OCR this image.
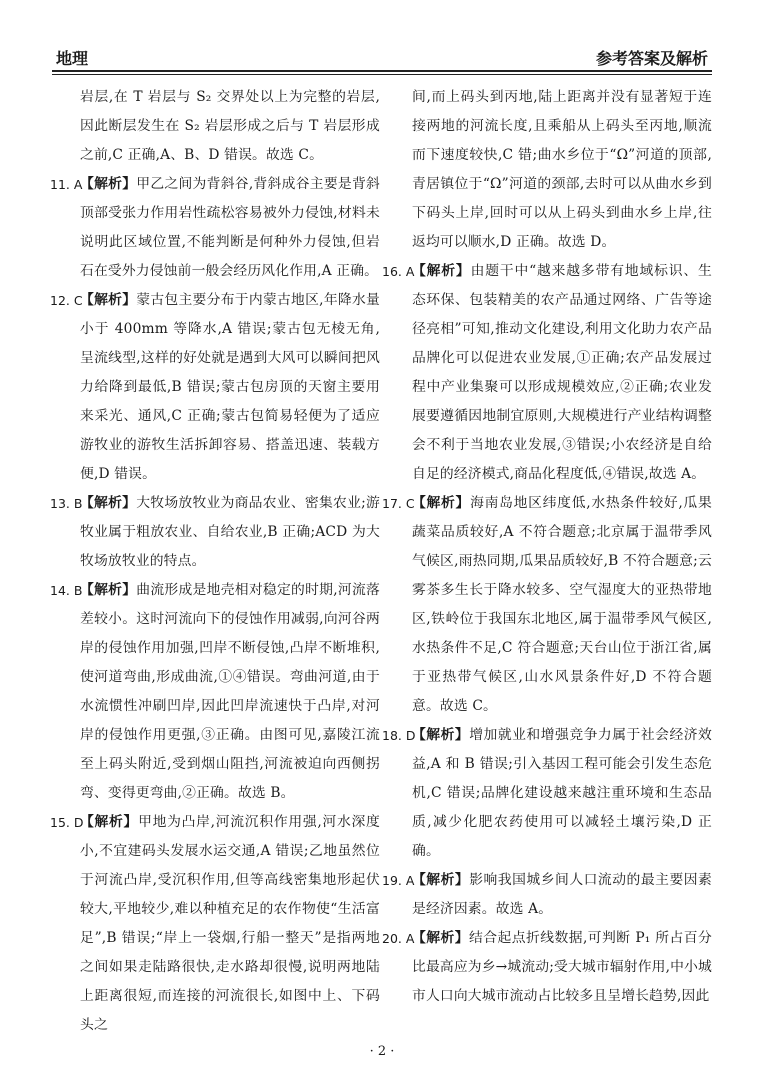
地理	参考答案及解析

岩层,在 T 岩层与 S₂ 交界处以上为完整的岩层,因此断层发生在 S₂ 岩层形成之后与 T 岩层形成之前,C 正确,A、B、D 错误。故选 C。

11. A

【解析】甲乙之间为背斜谷,背斜成谷主要是背斜顶部受张力作用岩性疏松容易被外力侵蚀,材料未说明此区域位置,不能判断是何种外力侵蚀,但岩石在受外力侵蚀前一般会经历风化作用,A 正确。

12. C

【解析】蒙古包主要分布于内蒙古地区,年降水量小于 400mm 等降水,A 错误;蒙古包无棱无角,呈流线型,这样的好处就是遇到大风可以瞬间把风力给降到最低,B 错误;蒙古包房顶的天窗主要用来采光、通风,C 正确;蒙古包简易轻便为了适应游牧业的游牧生活拆卸容易、搭盖迅速、装载方便,D 错误。

13. B

【解析】大牧场放牧业为商品农业、密集农业;游牧业属于粗放农业、自给农业,B 正确;ACD 为大牧场放牧业的特点。

14. B

【解析】曲流形成是地壳相对稳定的时期,河流落差较小。这时河流向下的侵蚀作用减弱,向河谷两岸的侵蚀作用加强,凹岸不断侵蚀,凸岸不断堆积,使河道弯曲,形成曲流,①④错误。弯曲河道,由于水流惯性冲刷凹岸,因此凹岸流速快于凸岸,对河岸的侵蚀作用更强,③正确。由图可见,嘉陵江流至上码头附近,受到烟山阻挡,河流被迫向西侧拐弯、变得更弯曲,②正确。故选 B。

15. D

【解析】甲地为凸岸,河流沉积作用强,河水深度小,不宜建码头发展水运交通,A 错误;乙地虽然位于河流凸岸,受沉积作用,但等高线密集地形起伏较大,平地较少,难以种植充足的农作物使“生活富足”,B 错误;“岸上一袋烟,行船一整天”是指两地之间如果走陆路很快,走水路却很慢,说明两地陆上距离很短,而连接的河流很长,如图中上、下码头之

间,而上码头到丙地,陆上距离并没有显著短于连接两地的河流长度,且乘船从上码头至丙地,顺流而下速度较快,C 错;曲水乡位于“Ω”河道的顶部,青居镇位于“Ω”河道的颈部,去时可以从曲水乡到下码头上岸,回时可以从上码头到曲水乡上岸,往返均可以顺水,D 正确。故选 D。

16. A

【解析】由题干中“越来越多带有地域标识、生态环保、包装精美的农产品通过网络、广告等途径亮相”可知,推动文化建设,利用文化助力农产品品牌化可以促进农业发展,①正确;农产品发展过程中产业集聚可以形成规模效应,②正确;农业发展要遵循因地制宜原则,大规模进行产业结构调整会不利于当地农业发展,③错误;小农经济是自给自足的经济模式,商品化程度低,④错误,故选 A。

17. C

【解析】海南岛地区纬度低,水热条件较好,瓜果蔬菜品质较好,A 不符合题意;北京属于温带季风气候区,雨热同期,瓜果品质较好,B 不符合题意;云雾茶多生长于降水较多、空气湿度大的亚热带地区,铁岭位于我国东北地区,属于温带季风气候区,水热条件不足,C 符合题意;天台山位于浙江省,属于亚热带气候区,山水风景条件好,D 不符合题意。故选 C。

18. D

【解析】增加就业和增强竞争力属于社会经济效益,A 和 B 错误;引入基因工程可能会引发生态危机,C 错误;品牌化建设越来越注重环境和生态品质,减少化肥农药使用可以减轻土壤污染,D 正确。

19. A

【解析】影响我国城乡间人口流动的最主要因素是经济因素。故选 A。

20. A

【解析】结合起点折线数据,可判断 P₁ 所占百分比最高应为乡→城流动;受大城市辐射作用,中小城市人口向大城市流动占比较多且呈增长趋势,因此

· 2 ·
